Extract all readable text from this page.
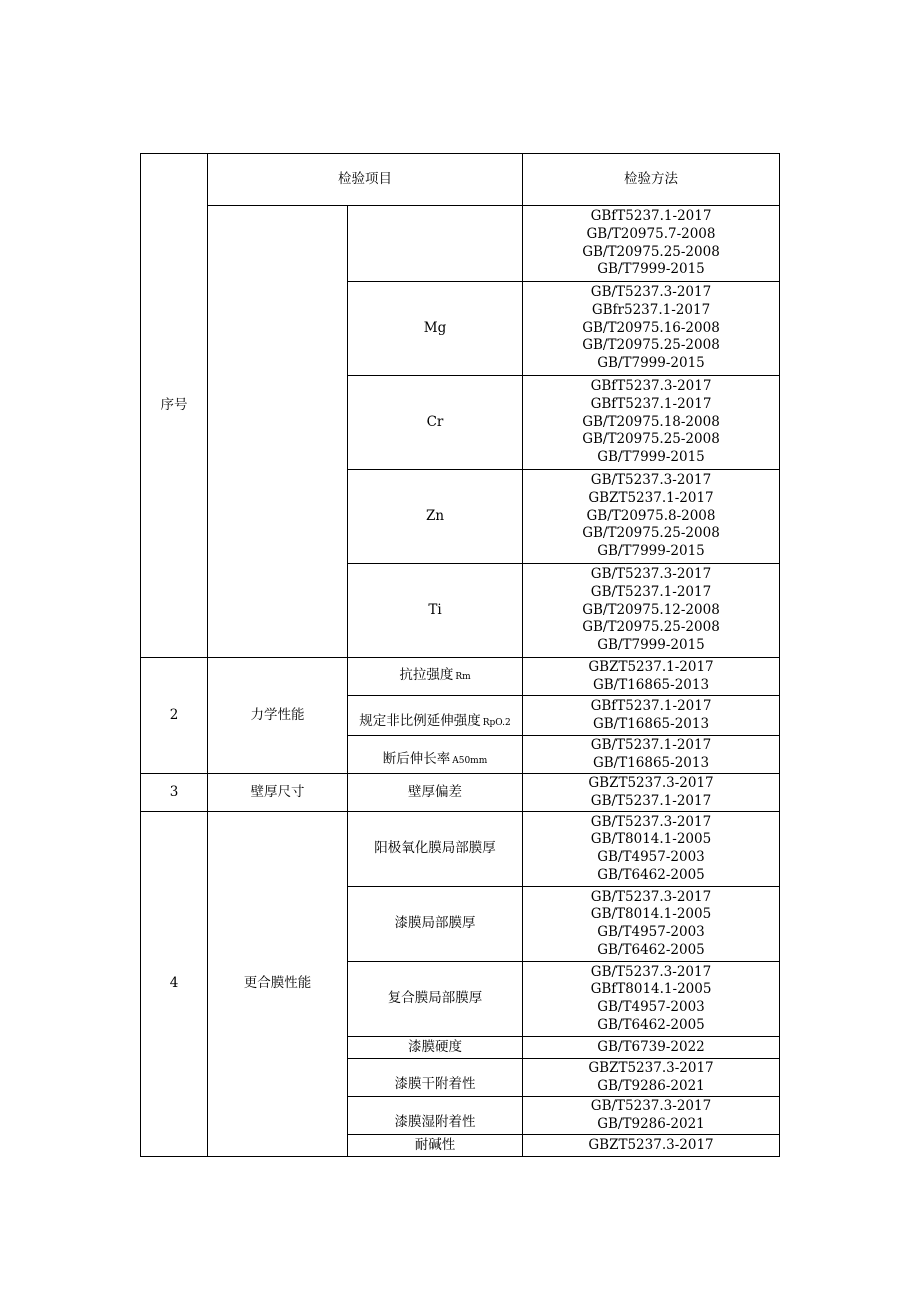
序号	检验项目		检验方法

			GBfT5237.1-2017
GB/T20975.7-2008
GB/T20975.25-2008
GB/T7999-2015

		Mg	GB/T5237.3-2017
GBfr5237.1-2017
GB/T20975.16-2008
GB/T20975.25-2008
GB/T7999-2015

		Cr	GBfT5237.3-2017
GBfT5237.1-2017
GB/T20975.18-2008
GB/T20975.25-2008
GB/T7999-2015

		Zn	GB/T5237.3-2017
GBZT5237.1-2017
GB/T20975.8-2008
GB/T20975.25-2008
GB/T7999-2015

		Ti	GB/T5237.3-2017
GB/T5237.1-2017
GB/T20975.12-2008
GB/T20975.25-2008
GB/T7999-2015

2	力学性能	抗拉强度 Rm	GBZT5237.1-2017
GB/T16865-2013

		规定非比例延伸强度 RpO.2	GBfT5237.1-2017
GB/T16865-2013

		断后伸长率 A50mm	GB/T5237.1-2017
GB/T16865-2013

3	壁厚尺寸	壁厚偏差	GBZT5237.3-2017
GB/T5237.1-2017

4	更合膜性能	阳极氧化膜局部膜厚	GB/T5237.3-2017
GB/T8014.1-2005
GB/T4957-2003
GB/T6462-2005

		漆膜局部膜厚	GB/T5237.3-2017
GB/T8014.1-2005
GB/T4957-2003
GB/T6462-2005

		复合膜局部膜厚	GB/T5237.3-2017
GBfT8014.1-2005
GB/T4957-2003
GB/T6462-2005

		漆膜硬度	GB/T6739-2022

		漆膜干附着性	GBZT5237.3-2017
GB/T9286-2021

		漆膜湿附着性	GB/T5237.3-2017
GB/T9286-2021

		耐碱性	GBZT5237.3-2017
